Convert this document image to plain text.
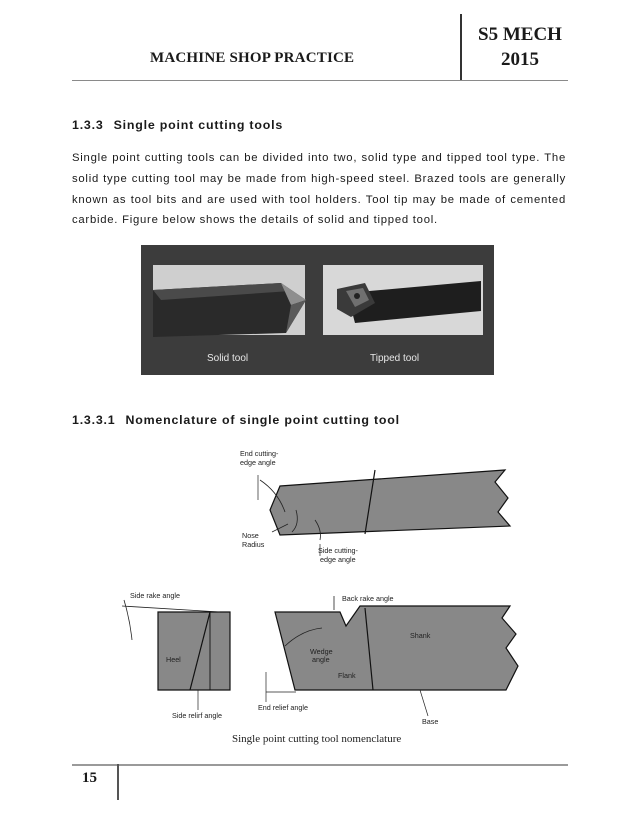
MACHINE SHOP PRACTICE
S5 MECH
2015
1.3.3 Single point cutting tools
Single point cutting tools can be divided into two, solid type and tipped tool type. The solid type cutting tool may be made from high-speed steel. Brazed tools are generally known as tool bits and are used with tool holders. Tool tip may be made of cemented carbide. Figure below shows the details of solid and tipped tool.
Solid tool	Tipped tool
1.3.3.1 Nomenclature of single point cutting tool
End cutting-
edge angle
Nose
Radius
Side cutting-
edge angle
Side rake angle
Heel
Side relirf angle
Back rake angle
Shank
Wedge
angle
Flank
End relief angle
Base
Single point cutting tool nomenclature
15
